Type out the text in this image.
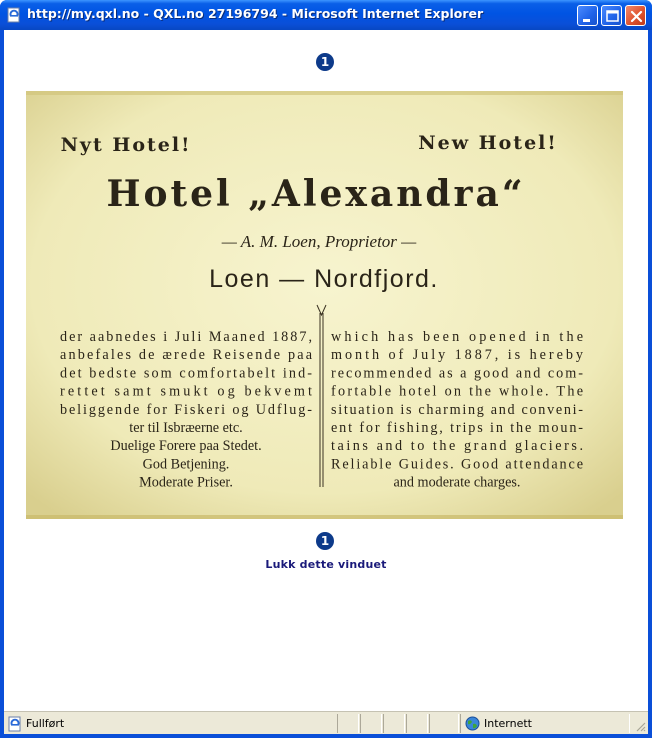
http://my.qxl.no - QXL.no 27196794 - Microsoft Internet Explorer
1
Nyt Hotel!	New Hotel!
Hotel „Alexandra“
— A. M. Loen, Proprietor —
Loen — Nordfjord.
der aabnedes i Juli Maaned 1887,
anbefales de ærede Reisende paa
det bedste som comfortabelt ind-
rettet samt smukt og bekvemt
beliggende for Fiskeri og Udflug-
ter til Isbræerne etc.
Duelige Forere paa Stedet.
God Betjening.
Moderate Priser.
which has been opened in the
month of July 1887, is hereby
recommended as a good and com-
fortable hotel on the whole. The
situation is charming and conveni-
ent for fishing, trips in the moun-
tains and to the grand glaciers.
Reliable Guides. Good attendance
and moderate charges.
1
Lukk dette vinduet
Fullført	Internett
